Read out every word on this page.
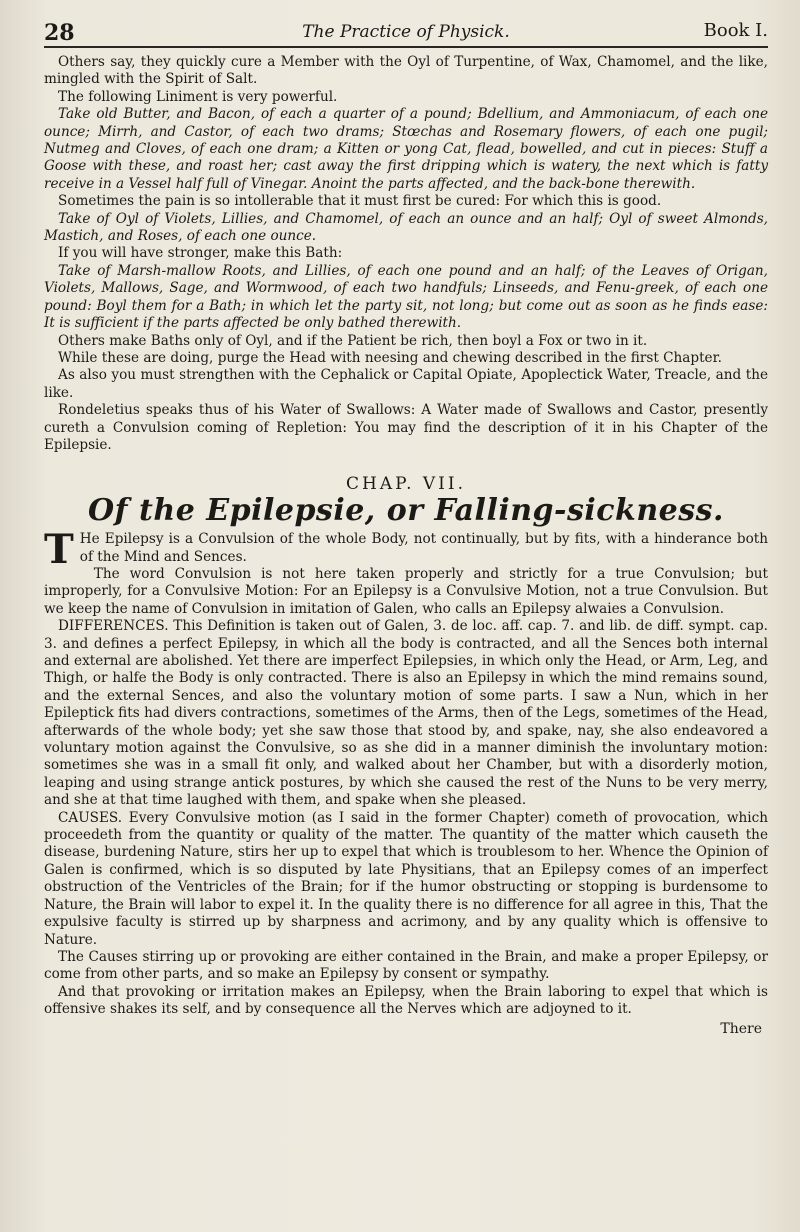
28	The Practice of Physick.	Book I.

Others say, they quickly cure a Member with the Oyl of Turpentine, of Wax, Chamomel, and the like, mingled with the Spirit of Salt.

The following Liniment is very powerful.

Take old Butter, and Bacon, of each a quarter of a pound; Bdellium, and Ammoniacum, of each one ounce; Mirrh, and Castor, of each two drams; Stœchas and Rosemary flowers, of each one pugil; Nutmeg and Cloves, of each one dram; a Kitten or yong Cat, flead, bowelled, and cut in pieces: Stuff a Goose with these, and roast her; cast away the first dripping which is watery, the next which is fatty receive in a Vessel half full of Vinegar. Anoint the parts affected, and the back-bone therewith.

Sometimes the pain is so intollerable that it must first be cured: For which this is good.

Take of Oyl of Violets, Lillies, and Chamomel, of each an ounce and an half; Oyl of sweet Almonds, Mastich, and Roses, of each one ounce.

If you will have stronger, make this Bath:

Take of Marsh-mallow Roots, and Lillies, of each one pound and an half; of the Leaves of Origan, Violets, Mallows, Sage, and Wormwood, of each two handfuls; Linseeds, and Fenu-greek, of each one pound: Boyl them for a Bath; in which let the party sit, not long; but come out as soon as he finds ease: It is sufficient if the parts affected be only bathed therewith.

Others make Baths only of Oyl, and if the Patient be rich, then boyl a Fox or two in it.

While these are doing, purge the Head with neesing and chewing described in the first Chapter.

As also you must strengthen with the Cephalick or Capital Opiate, Apoplectick Water, Treacle, and the like.

Rondeletius speaks thus of his Water of Swallows: A Water made of Swallows and Castor, presently cureth a Convulsion coming of Repletion: You may find the description of it in his Chapter of the Epilepsie.

CHAP. VII.
Of the Epilepsie, or Falling-sickness.

T He Epilepsy is a Convulsion of the whole Body, not continually, but by fits, with a hinderance both of the Mind and Sences.

The word Convulsion is not here taken properly and strictly for a true Convulsion; but improperly, for a Convulsive Motion: For an Epilepsy is a Convulsive Motion, not a true Convulsion. But we keep the name of Convulsion in imitation of Galen, who calls an Epilepsy alwaies a Convulsion.

DIFFERENCES. This Definition is taken out of Galen, 3. de loc. aff. cap. 7. and lib. de diff. sympt. cap. 3. and defines a perfect Epilepsy, in which all the body is contracted, and all the Sences both internal and external are abolished. Yet there are imperfect Epilepsies, in which only the Head, or Arm, Leg, and Thigh, or halfe the Body is only contracted. There is also an Epilepsy in which the mind remains sound, and the external Sences, and also the voluntary motion of some parts. I saw a Nun, which in her Epileptick fits had divers contractions, sometimes of the Arms, then of the Legs, sometimes of the Head, afterwards of the whole body; yet she saw those that stood by, and spake, nay, she also endeavored a voluntary motion against the Convulsive, so as she did in a manner diminish the involuntary motion: sometimes she was in a small fit only, and walked about her Chamber, but with a disorderly motion, leaping and using strange antick postures, by which she caused the rest of the Nuns to be very merry, and she at that time laughed with them, and spake when she pleased.

CAUSES. Every Convulsive motion (as I said in the former Chapter) cometh of provocation, which proceedeth from the quantity or quality of the matter. The quantity of the matter which causeth the disease, burdening Nature, stirs her up to expel that which is troublesom to her. Whence the Opinion of Galen is confirmed, which is so disputed by late Physitians, that an Epilepsy comes of an imperfect obstruction of the Ventricles of the Brain; for if the humor obstructing or stopping is burdensome to Nature, the Brain will labor to expel it. In the quality there is no difference for all agree in this, That the expulsive faculty is stirred up by sharpness and acrimony, and by any quality which is offensive to Nature.

The Causes stirring up or provoking are either contained in the Brain, and make a proper Epilepsy, or come from other parts, and so make an Epilepsy by consent or sympathy.

And that provoking or irritation makes an Epilepsy, when the Brain laboring to expel that which is offensive shakes its self, and by consequence all the Nerves which are adjoyned to it.

There
